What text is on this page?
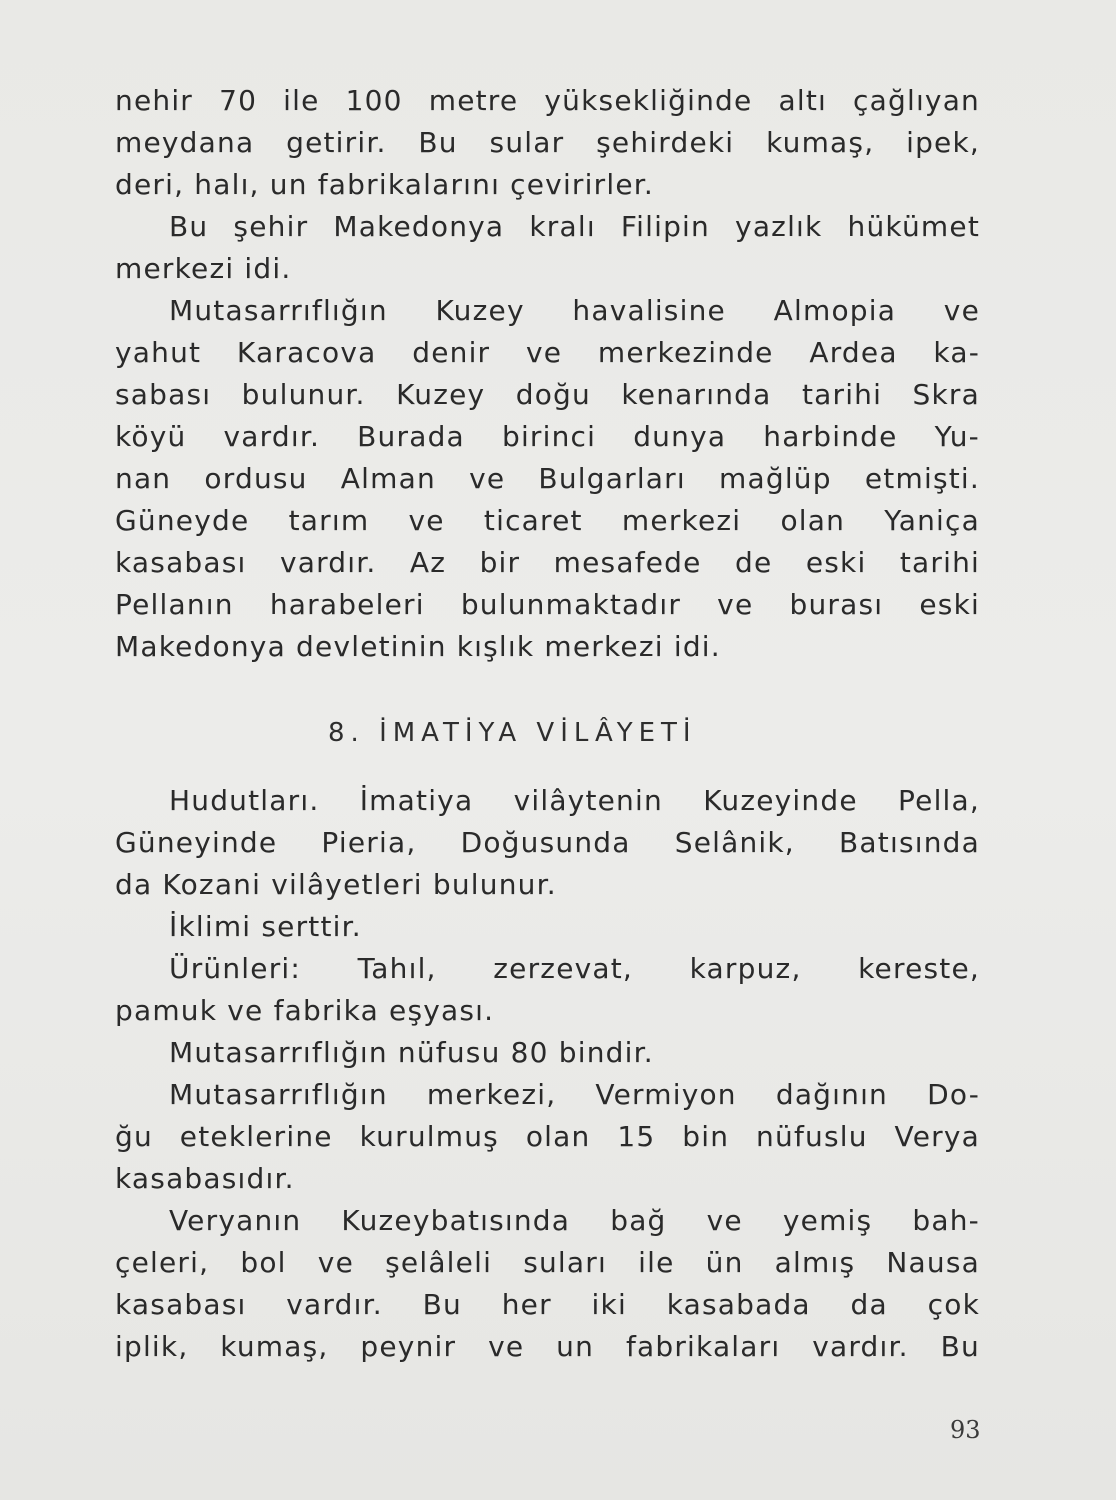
nehir 70 ile 100 metre yüksekliğinde altı çağlıyan
meydana getirir. Bu sular şehirdeki kumaş, ipek,
deri, halı, un fabrikalarını çevirirler.
Bu şehir Makedonya kralı Filipin yazlık hükümet
merkezi idi.
Mutasarrıflığın Kuzey havalisine Almopia ve
yahut Karacova denir ve merkezinde Ardea ka-
sabası bulunur. Kuzey doğu kenarında tarihi Skra
köyü vardır. Burada birinci dunya harbinde Yu-
nan ordusu Alman ve Bulgarları mağlüp etmişti.
Güneyde tarım ve ticaret merkezi olan Yaniça
kasabası vardır. Az bir mesafede de eski tarihi
Pellanın harabeleri bulunmaktadır ve burası eski
Makedonya devletinin kışlık merkezi idi.
8. İMATİYA VİLÂYETİ
Hudutları. İmatiya vilâytenin Kuzeyinde Pella,
Güneyinde Pieria, Doğusunda Selânik, Batısında
da Kozani vilâyetleri bulunur.
İklimi serttir.
Ürünleri: Tahıl, zerzevat, karpuz, kereste,
pamuk ve fabrika eşyası.
Mutasarrıflığın nüfusu 80 bindir.
Mutasarrıflığın merkezi, Vermiyon dağının Do-
ğu eteklerine kurulmuş olan 15 bin nüfuslu Verya
kasabasıdır.
Veryanın Kuzeybatısında bağ ve yemiş bah-
çeleri, bol ve şelâleli suları ile ün almış Nausa
kasabası vardır. Bu her iki kasabada da çok
iplik, kumaş, peynir ve un fabrikaları vardır. Bu
93
